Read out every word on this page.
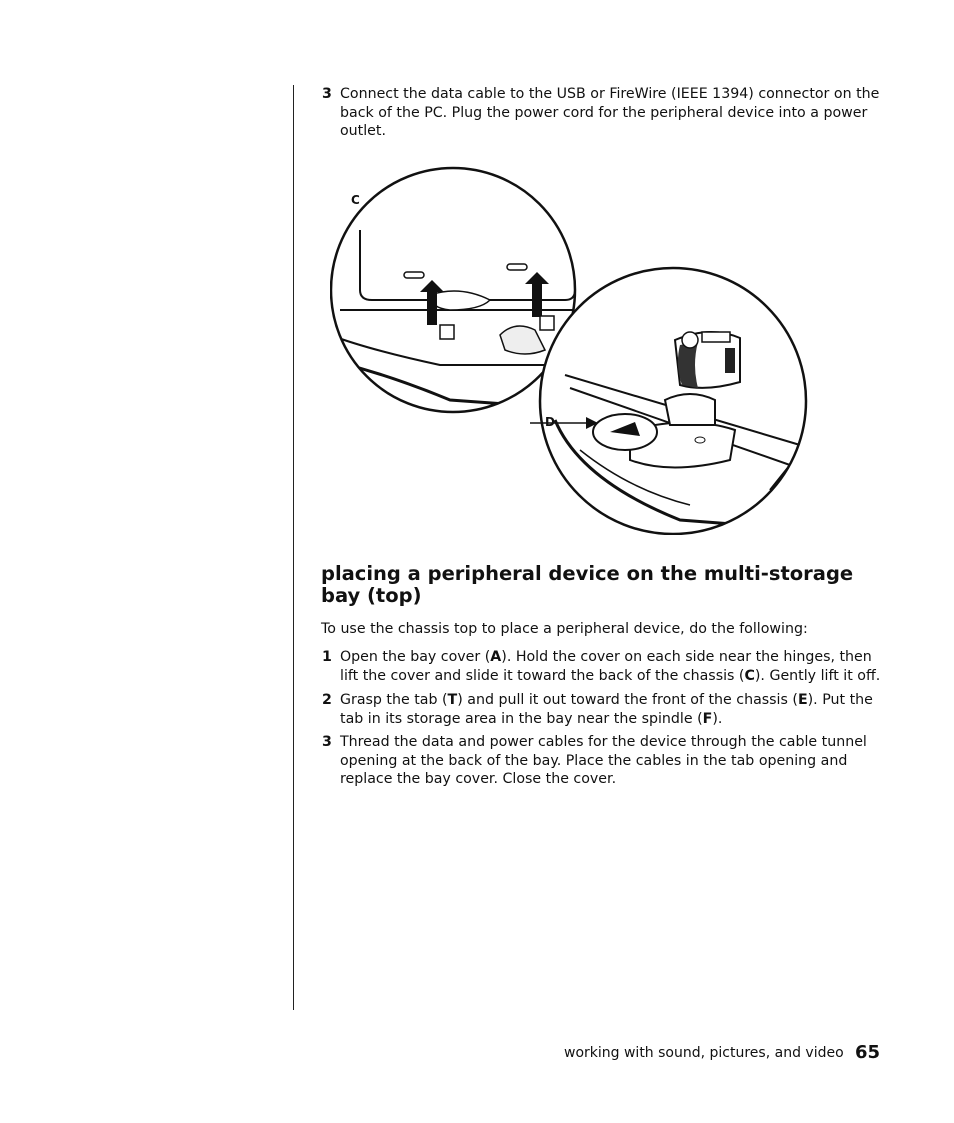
3 Connect the data cable to the USB or FireWire (IEEE 1394) connector on the back of the PC. Plug the power cord for the peripheral device into a power outlet.
C
D
placing a peripheral device on the multi-storage bay (top)

To use the chassis top to place a peripheral device, do the following:

1 Open the bay cover (A). Hold the cover on each side near the hinges, then lift the cover and slide it toward the back of the chassis (C). Gently lift it off.
2 Grasp the tab (T) and pull it out toward the front of the chassis (E). Put the tab in its storage area in the bay near the spindle (F).
3 Thread the data and power cables for the device through the cable tunnel opening at the back of the bay. Place the cables in the tab opening and replace the bay cover. Close the cover.
working with sound, pictures, and video 65
